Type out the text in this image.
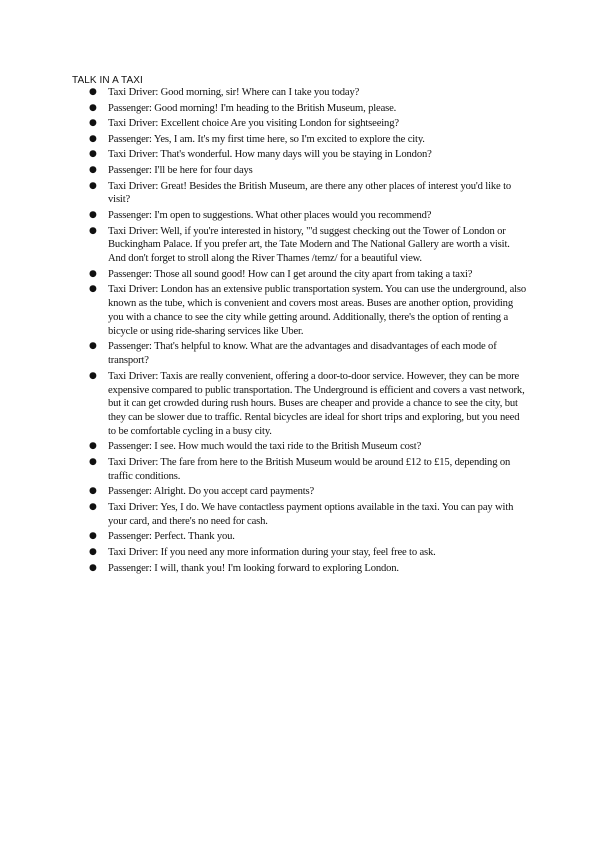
TALK IN A TAXI
● Taxi Driver: Good morning, sir! Where can I take you today?
● Passenger: Good morning! I'm heading to the British Museum, please.
● Taxi Driver: Excellent choice Are you visiting London for sightseeing?
● Passenger: Yes, I am. It's my first time here, so I'm excited to explore the city.
● Taxi Driver: That's wonderful. How many days will you be staying in London?
● Passenger: I'll be here for four days
● Taxi Driver: Great! Besides the British Museum, are there any other places of interest you'd like to visit?
● Passenger: I'm open to suggestions. What other places would you recommend?
● Taxi Driver: Well, if you're interested in history, "'d suggest checking out the Tower of London or Buckingham Palace. If you prefer art, the Tate Modern and The National Gallery are worth a visit. And don't forget to stroll along the River Thames /temz/ for a beautiful view.
● Passenger: Those all sound good! How can I get around the city apart from taking a taxi?
● Taxi Driver: London has an extensive public transportation system. You can use the underground, also known as the tube, which is convenient and covers most areas. Buses are another option, providing you with a chance to see the city while getting around. Additionally, there's the option of renting a bicycle or using ride-sharing services like Uber.
● Passenger: That's helpful to know. What are the advantages and disadvantages of each mode of transport?
● Taxi Driver: Taxis are really convenient, offering a door-to-door service. However, they can be more expensive compared to public transportation. The Underground is efficient and covers a vast network, but it can get crowded during rush hours. Buses are cheaper and provide a chance to see the city, but they can be slower due to traffic. Rental bicycles are ideal for short trips and exploring, but you need to be comfortable cycling in a busy city.
● Passenger: I see. How much would the taxi ride to the British Museum cost?
● Taxi Driver: The fare from here to the British Museum would be around £12 to £15, depending on traffic conditions.
● Passenger: Alright. Do you accept card payments?
● Taxi Driver: Yes, I do. We have contactless payment options available in the taxi. You can pay with your card, and there's no need for cash.
● Passenger: Perfect. Thank you.
● Taxi Driver: If you need any more information during your stay, feel free to ask.
● Passenger: I will, thank you! I'm looking forward to exploring London.
